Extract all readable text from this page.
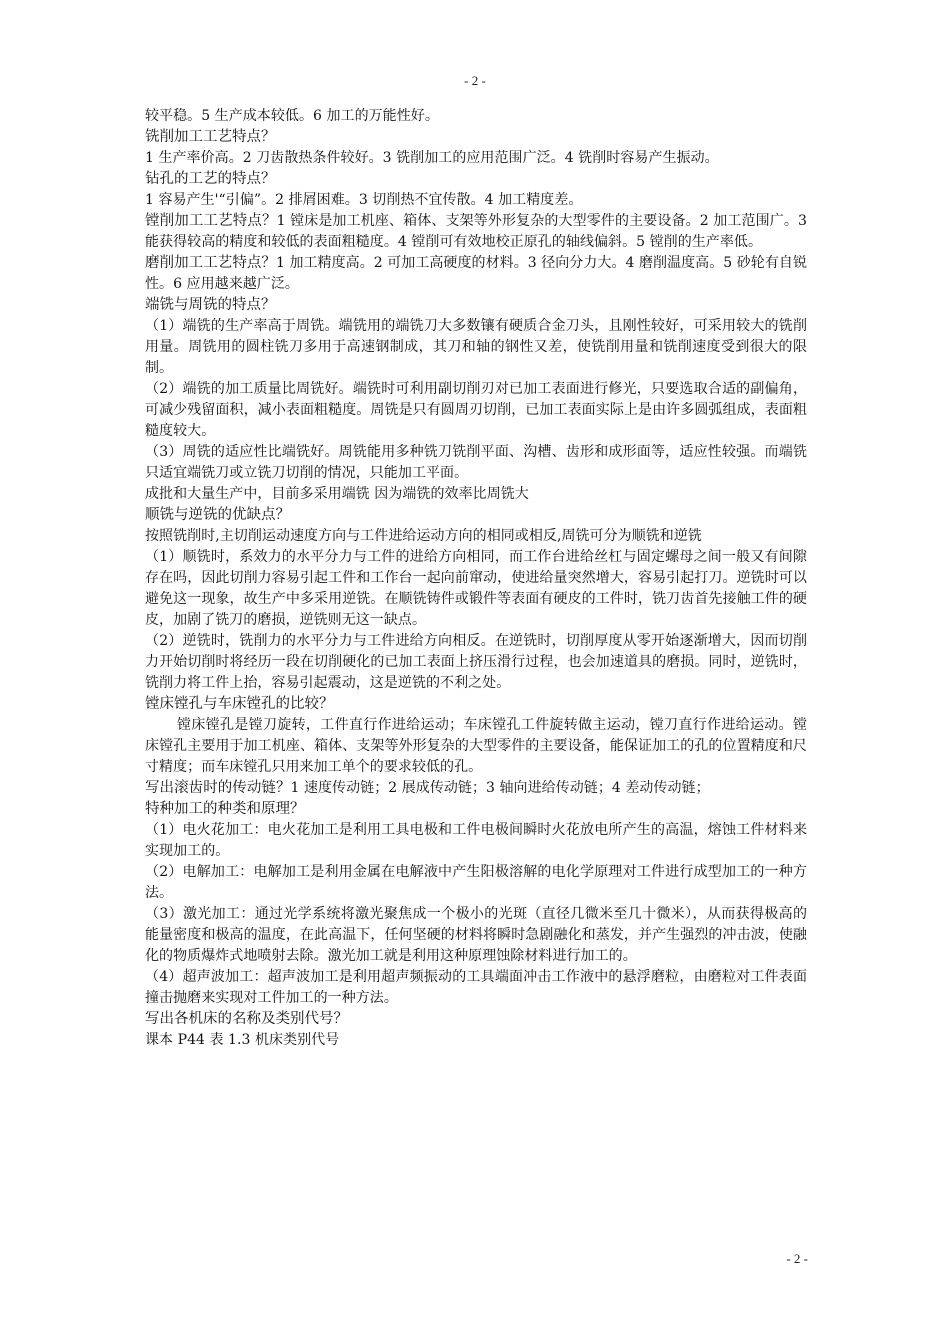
- 2 -
较平稳。5 生产成本较低。6 加工的万能性好。
铣削加工工艺特点？
1 生产率价高。2 刀齿散热条件较好。3 铣削加工的应用范围广泛。4 铣削时容易产生振动。
钻孔的工艺的特点？
1 容易产生'“引偏”。2 排屑困难。3 切削热不宜传散。4 加工精度差。
镗削加工工艺特点？1 镗床是加工机座、箱体、支架等外形复杂的大型零件的主要设备。2 加工范围广。3 能获得较高的精度和较低的表面粗糙度。4 镗削可有效地校正原孔的轴线偏斜。5 镗削的生产率低。
磨削加工工艺特点？1 加工精度高。2 可加工高硬度的材料。3 径向分力大。4 磨削温度高。5 砂轮有自锐性。6 应用越来越广泛。
端铣与周铣的特点？
（1）端铣的生产率高于周铣。端铣用的端铣刀大多数镶有硬质合金刀头，且刚性较好，可采用较大的铣削用量。周铣用的圆柱铣刀多用于高速钢制成，其刀和轴的钢性又差，使铣削用量和铣削速度受到很大的限制。
（2）端铣的加工质量比周铣好。端铣时可利用副切削刃对已加工表面进行修光，只要选取合适的副偏角，可减少残留面积，减小表面粗糙度。周铣是只有圆周刃切削，已加工表面实际上是由许多圆弧组成，表面粗糙度较大。
（3）周铣的适应性比端铣好。周铣能用多种铣刀铣削平面、沟槽、齿形和成形面等，适应性较强。而端铣只适宜端铣刀或立铣刀切削的情况，只能加工平面。
成批和大量生产中，目前多采用端铣 因为端铣的效率比周铣大
顺铣与逆铣的优缺点？
按照铣削时,主切削运动速度方向与工件进给运动方向的相同或相反,周铣可分为顺铣和逆铣
（1）顺铣时，系效力的水平分力与工件的进给方向相同，而工作台进给丝杠与固定螺母之间一般又有间隙存在吗，因此切削力容易引起工件和工作台一起向前窜动，使进给量突然增大，容易引起打刀。逆铣时可以避免这一现象，故生产中多采用逆铣。在顺铣铸件或锻件等表面有硬皮的工件时，铣刀齿首先接触工件的硬皮，加剧了铣刀的磨损，逆铣则无这一缺点。
（2）逆铣时，铣削力的水平分力与工件进给方向相反。在逆铣时，切削厚度从零开始逐渐增大，因而切削力开始切削时将经历一段在切削硬化的已加工表面上挤压滑行过程，也会加速道具的磨损。同时，逆铣时，铣削力将工件上抬，容易引起震动，这是逆铣的不利之处。
镗床镗孔与车床镗孔的比较？
镗床镗孔是镗刀旋转，工件直行作进给运动；车床镗孔工件旋转做主运动，镗刀直行作进给运动。镗床镗孔主要用于加工机座、箱体、支架等外形复杂的大型零件的主要设备，能保证加工的孔的位置精度和尺寸精度；而车床镗孔只用来加工单个的要求较低的孔。
写出滚齿时的传动链？1 速度传动链；2 展成传动链；3 轴向进给传动链；4 差动传动链；
特种加工的种类和原理？
（1）电火花加工：电火花加工是利用工具电极和工件电极间瞬时火花放电所产生的高温，熔蚀工件材料来实现加工的。
（2）电解加工：电解加工是利用金属在电解液中产生阳极溶解的电化学原理对工件进行成型加工的一种方法。
（3）激光加工：通过光学系统将激光聚焦成一个极小的光斑（直径几微米至几十微米），从而获得极高的能量密度和极高的温度，在此高温下，任何坚硬的材料将瞬时急剧融化和蒸发，并产生强烈的冲击波，使融化的物质爆炸式地喷射去除。激光加工就是利用这种原理蚀除材料进行加工的。
（4）超声波加工：超声波加工是利用超声频振动的工具端面冲击工作液中的悬浮磨粒，由磨粒对工件表面撞击抛磨来实现对工件加工的一种方法。
写出各机床的名称及类别代号？
课本 P44 表 1.3 机床类别代号
- 2 -
